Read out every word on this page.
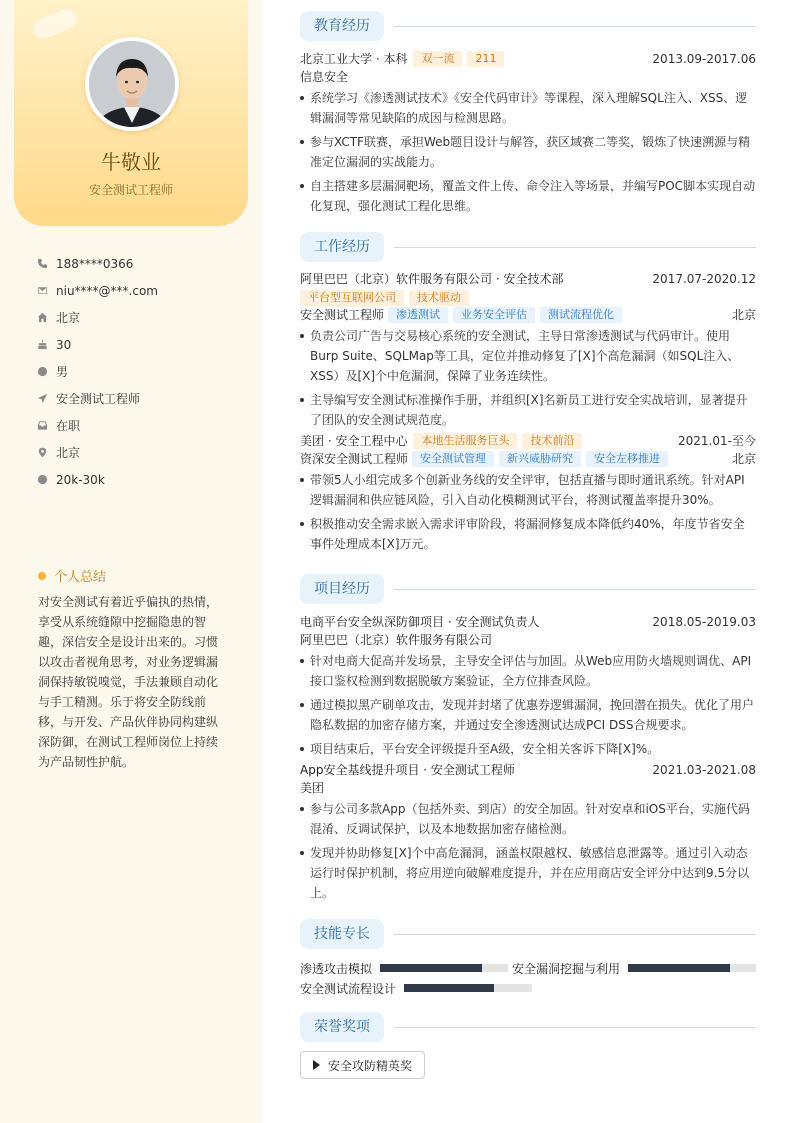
牛敬业
安全测试工程师
188****0366
niu****@***.com
北京
30
男
安全测试工程师
在职
北京
20k-30k
个人总结
对安全测试有着近乎偏执的热情，享受从系统缝隙中挖掘隐患的智趣，深信安全是设计出来的。习惯以攻击者视角思考，对业务逻辑漏洞保持敏锐嗅觉，手法兼顾自动化与手工精测。乐于将安全防线前移，与开发、产品伙伴协同构建纵深防御，在测试工程师岗位上持续为产品韧性护航。
教育经历
北京工业大学 · 本科	双一流	211	2013.09-2017.06
信息安全
系统学习《渗透测试技术》《安全代码审计》等课程，深入理解SQL注入、XSS、逻辑漏洞等常见缺陷的成因与检测思路。
参与XCTF联赛，承担Web题目设计与解答，获区域赛二等奖，锻炼了快速溯源与精准定位漏洞的实战能力。
自主搭建多层漏洞靶场，覆盖文件上传、命令注入等场景，并编写POC脚本实现自动化复现，强化测试工程化思维。
工作经历
阿里巴巴（北京）软件服务有限公司 · 安全技术部	2017.07-2020.12
平台型互联网公司	技术驱动
安全测试工程师	渗透测试	业务安全评估	测试流程优化	北京
负责公司广告与交易核心系统的安全测试，主导日常渗透测试与代码审计。使用Burp Suite、SQLMap等工具，定位并推动修复了[X]个高危漏洞（如SQL注入、XSS）及[X]个中危漏洞，保障了业务连续性。
主导编写安全测试标准操作手册，并组织[X]名新员工进行安全实战培训，显著提升了团队的安全测试规范度。
美团 · 安全工程中心	本地生活服务巨头	技术前沿	2021.01-至今
资深安全测试工程师	安全测试管理	新兴威胁研究	安全左移推进	北京
带领5人小组完成多个创新业务线的安全评审，包括直播与即时通讯系统。针对API逻辑漏洞和供应链风险，引入自动化模糊测试平台，将测试覆盖率提升30%。
积极推动安全需求嵌入需求评审阶段，将漏洞修复成本降低约40%，年度节省安全事件处理成本[X]万元。
项目经历
电商平台安全纵深防御项目 · 安全测试负责人	2018.05-2019.03
阿里巴巴（北京）软件服务有限公司
针对电商大促高并发场景，主导安全评估与加固。从Web应用防火墙规则调优、API接口鉴权检测到数据脱敏方案验证，全方位排查风险。
通过模拟黑产刷单攻击，发现并封堵了优惠券逻辑漏洞，挽回潜在损失。优化了用户隐私数据的加密存储方案，并通过安全渗透测试达成PCI DSS合规要求。
项目结束后，平台安全评级提升至A级，安全相关客诉下降[X]%。
App安全基线提升项目 · 安全测试工程师	2021.03-2021.08
美团
参与公司多款App（包括外卖、到店）的安全加固。针对安卓和iOS平台，实施代码混淆、反调试保护，以及本地数据加密存储检测。
发现并协助修复[X]个中高危漏洞，涵盖权限越权、敏感信息泄露等。通过引入动态运行时保护机制，将应用逆向破解难度提升，并在应用商店安全评分中达到9.5分以上。
技能专长
渗透攻击模拟	安全漏洞挖掘与利用
安全测试流程设计
荣誉奖项
安全攻防精英奖
